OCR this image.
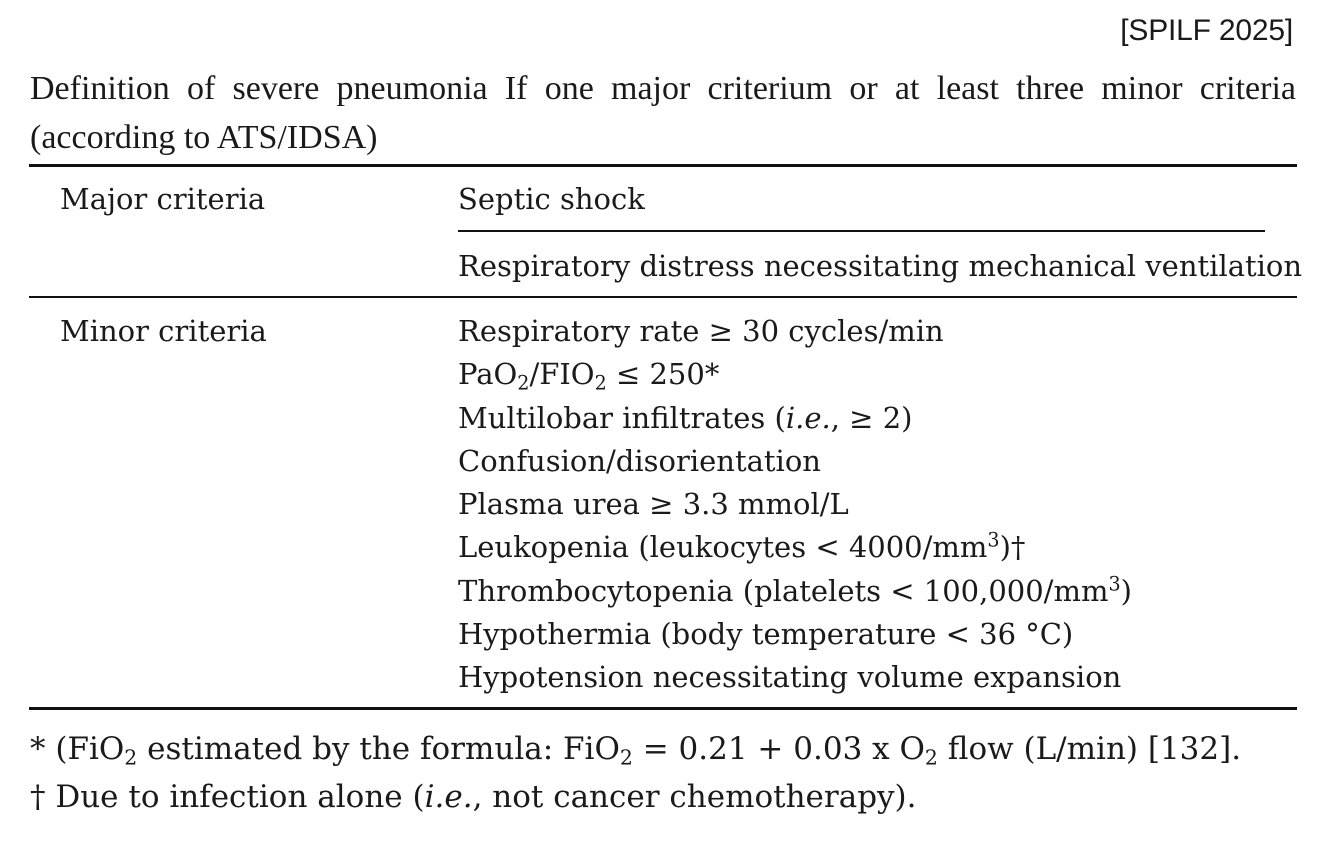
[SPILF 2025]
Definition of severe pneumonia If one major criterium or at least three minor criteria (according to ATS/IDSA)
Major criteria	Septic shock
Respiratory distress necessitating mechanical ventilation
Minor criteria	Respiratory rate ≥ 30 cycles/min
$PaO_2/FIO_2 \le 250*$
Multilobar infiltrates (i.e., ≥ 2)
Confusion/disorientation
Plasma urea ≥ 3.3 mmol/L
Leukopenia (leukocytes < $4000/mm^3)\dagger$
Thrombocytopenia (platelets < $100,000/mm^3$)
Hypothermia (body temperature < 36 °C)
Hypotension necessitating volume expansion
* (FiO$_2$ estimated by the formula: FiO$_2$ = 0.21 + 0.03 x $O_2$ flow (L/min) [132].
† Due to infection alone (i.e., not cancer chemotherapy).
